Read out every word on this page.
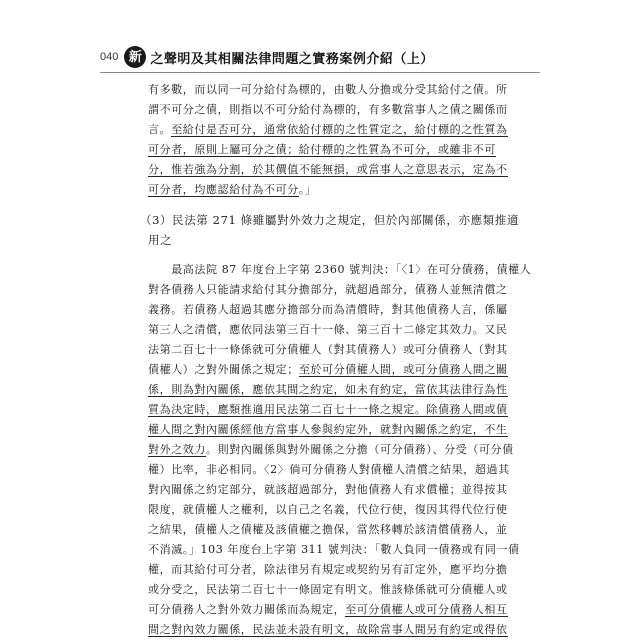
040 新 之聲明及其相關法律問題之實務案例介紹（上）
有多數，而以同一可分給付為標的，由數人分擔或分受其給付之債。所
謂不可分之債，則指以不可分給付為標的，有多數當事人之債之關係而
言。至給付是否可分，通常依給付標的之性質定之，給付標的之性質為
可分者，原則上屬可分之債；給付標的之性質為不可分，或雖非不可
分，惟若強為分割，於其價值不能無損，或當事人之意思表示，定為不
可分者，均應認給付為不可分。」
（3）民法第 271 條雖屬對外效力之規定，但於內部關係，亦應類推適
用之
　　最高法院 87 年度台上字第 2360 號判決：「〈1〉在可分債務，債權人
對各債務人只能請求給付其分擔部分，就超過部分，債務人並無清償之
義務。若債務人超過其應分擔部分而為清償時，對其他債務人言，係屬
第三人之清償，應依同法第三百十一條、第三百十二條定其效力。又民
法第二百七十一條係就可分債權人（對其債務人）或可分債務人（對其
債權人）之對外關係之規定；至於可分債權人間，或可分債務人間之關
係，則為對內關係，應依其間之約定，如未有約定，當依其法律行為性
質為決定時，應類推適用民法第二百七十一條之規定。除債務人間或債
權人間之對內關係經他方當事人參與約定外，就對內關係之約定，不生
對外之效力。則對內關係與對外關係之分擔（可分債務）、分受（可分債
權）比率，非必相同。〈2〉倘可分債務人對債權人清償之結果，超過其
對內關係之約定部分，就該超過部分，對他債務人有求償權；並得按其
限度，就債權人之權利，以自己之名義，代位行使，復因其得代位行使
之結果，債權人之債權及該債權之擔保，當然移轉於該清償債務人，並
不消滅。」103 年度台上字第 311 號判決：「數人負同一債務或有同一債
權，而其給付可分者，除法律另有規定或契約另有訂定外，應平均分擔
或分受之，民法第二百七十一條固定有明文。惟該條係就可分債權人或
可分債務人之對外效力關係而為規定，至可分債權人或可分債務人相互
間之對內效力關係，民法並未設有明文，故除當事人間另有約定或得依
